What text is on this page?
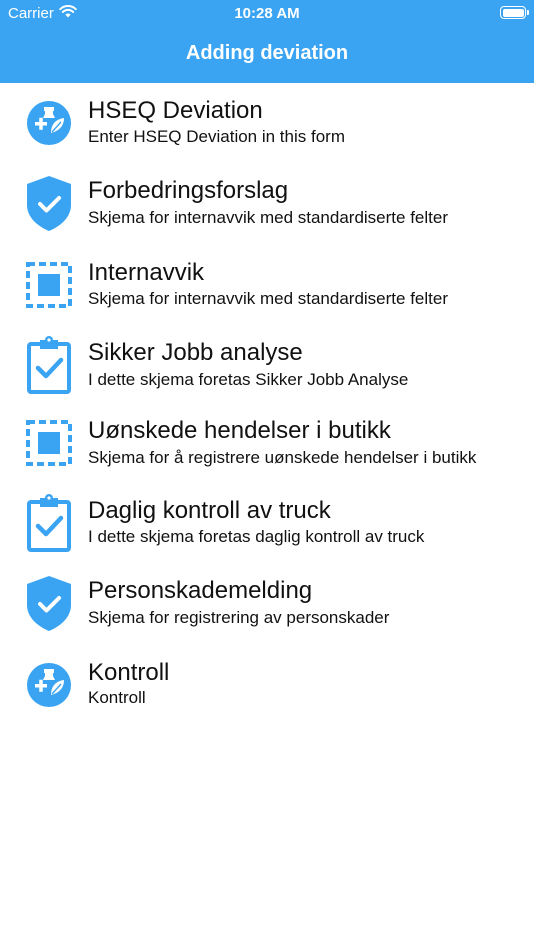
Carrier	10:28 AM
Adding deviation
HSEQ Deviation
Enter HSEQ Deviation in this form
Forbedringsforslag
Skjema for internavvik med standardiserte felter
Internavvik
Skjema for internavvik med standardiserte felter
Sikker Jobb analyse
I dette skjema foretas Sikker Jobb Analyse
Uønskede hendelser i butikk
Skjema for å registrere uønskede hendelser i butikk
Daglig kontroll av truck
I dette skjema foretas daglig kontroll av truck
Personskademelding
Skjema for registrering av personskader
Kontroll
Kontroll
